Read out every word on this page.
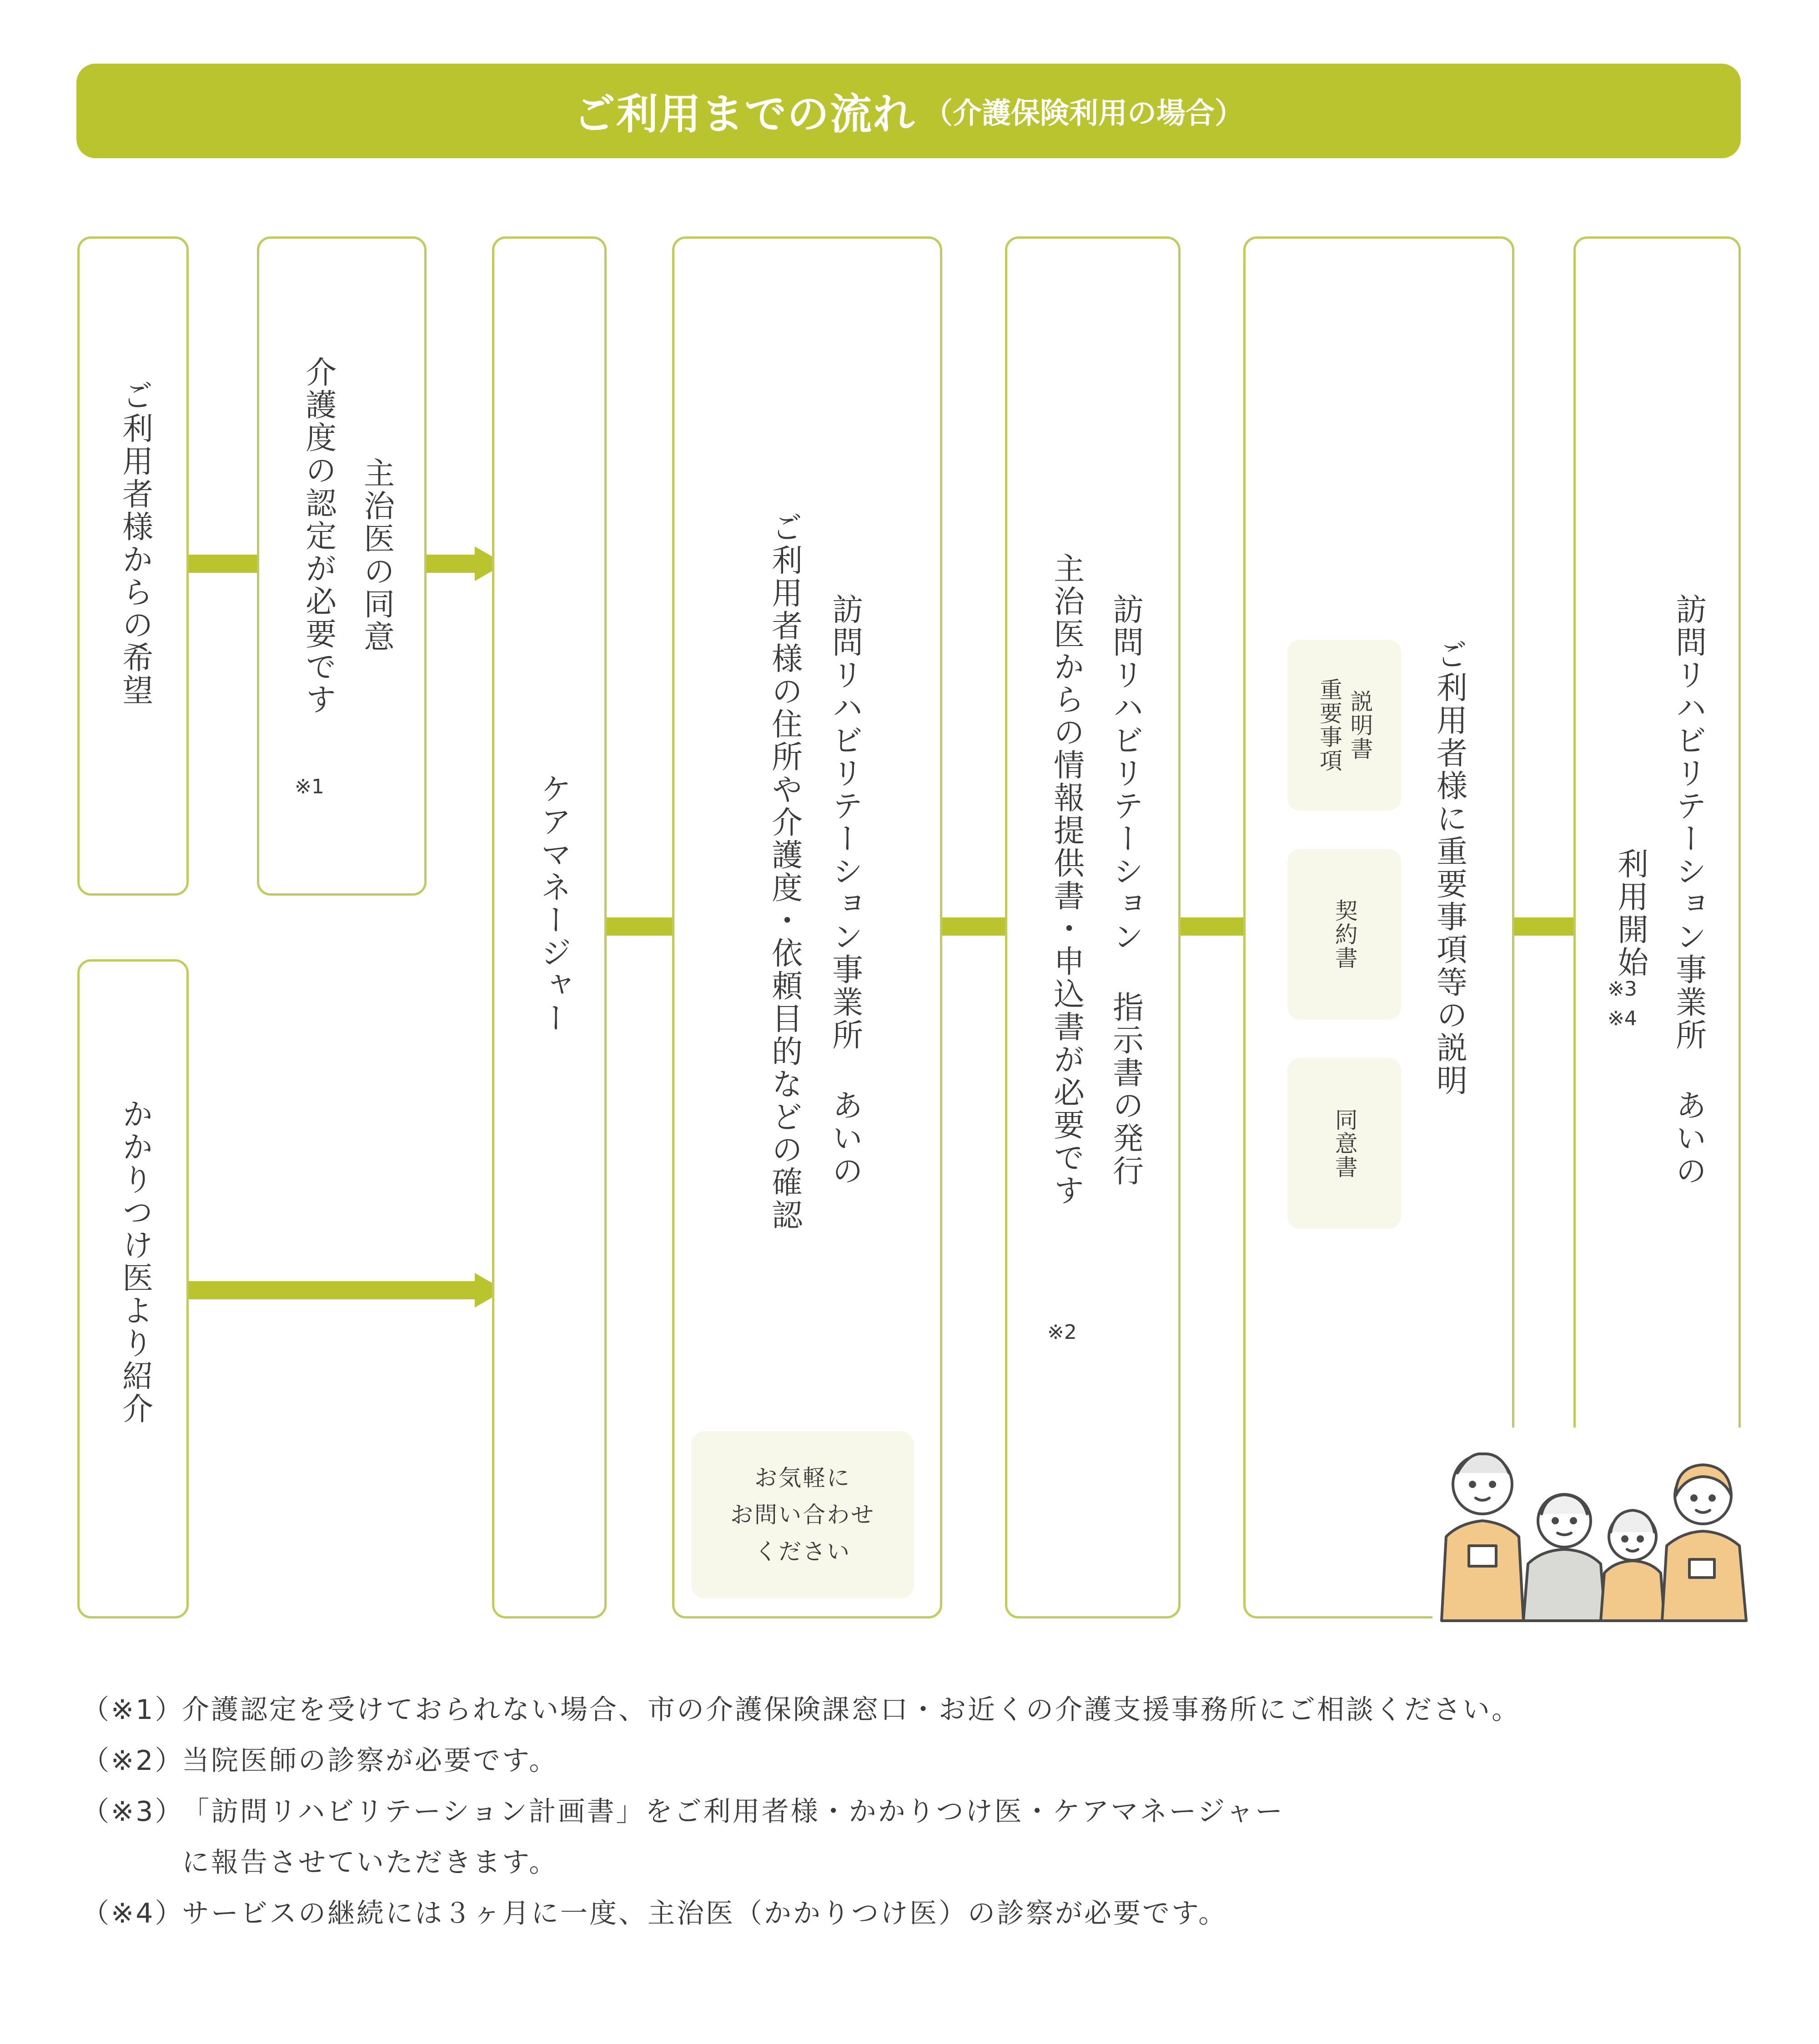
ご利用までの流れ （介護保険利用の場合）
ご利用者様からの希望
かかりつけ医より紹介
主治医の同意
介護度の認定が必要です
※1	ケアマネージャー	訪問リハビリテーション事業所 あいの
ご利用者様の住所や介護度・依頼目的などの確認
お気軽に
お問い合わせ
ください
訪問リハビリテーション 指示書の発行
主治医からの情報提供書・申込書が必要です
※2
ご利用者様に重要事項等の説明
重要事項 説明書
契約書
同意書	訪問リハビリテーション事業所 あいの
利用開始
※3
※4
（※1）
介護認定を受けておられない場合、市の介護保険課窓口・お近くの介護支援事務所にご相談ください。
（※2）
当院医師の診察が必要です。
（※3）
「訪問リハビリテーション計画書」をご利用者様・かかりつけ医・ケアマネージャー
に報告させていただきます。
（※4）
サービスの継続には３ヶ月に一度、主治医（かかりつけ医）の診察が必要です。
